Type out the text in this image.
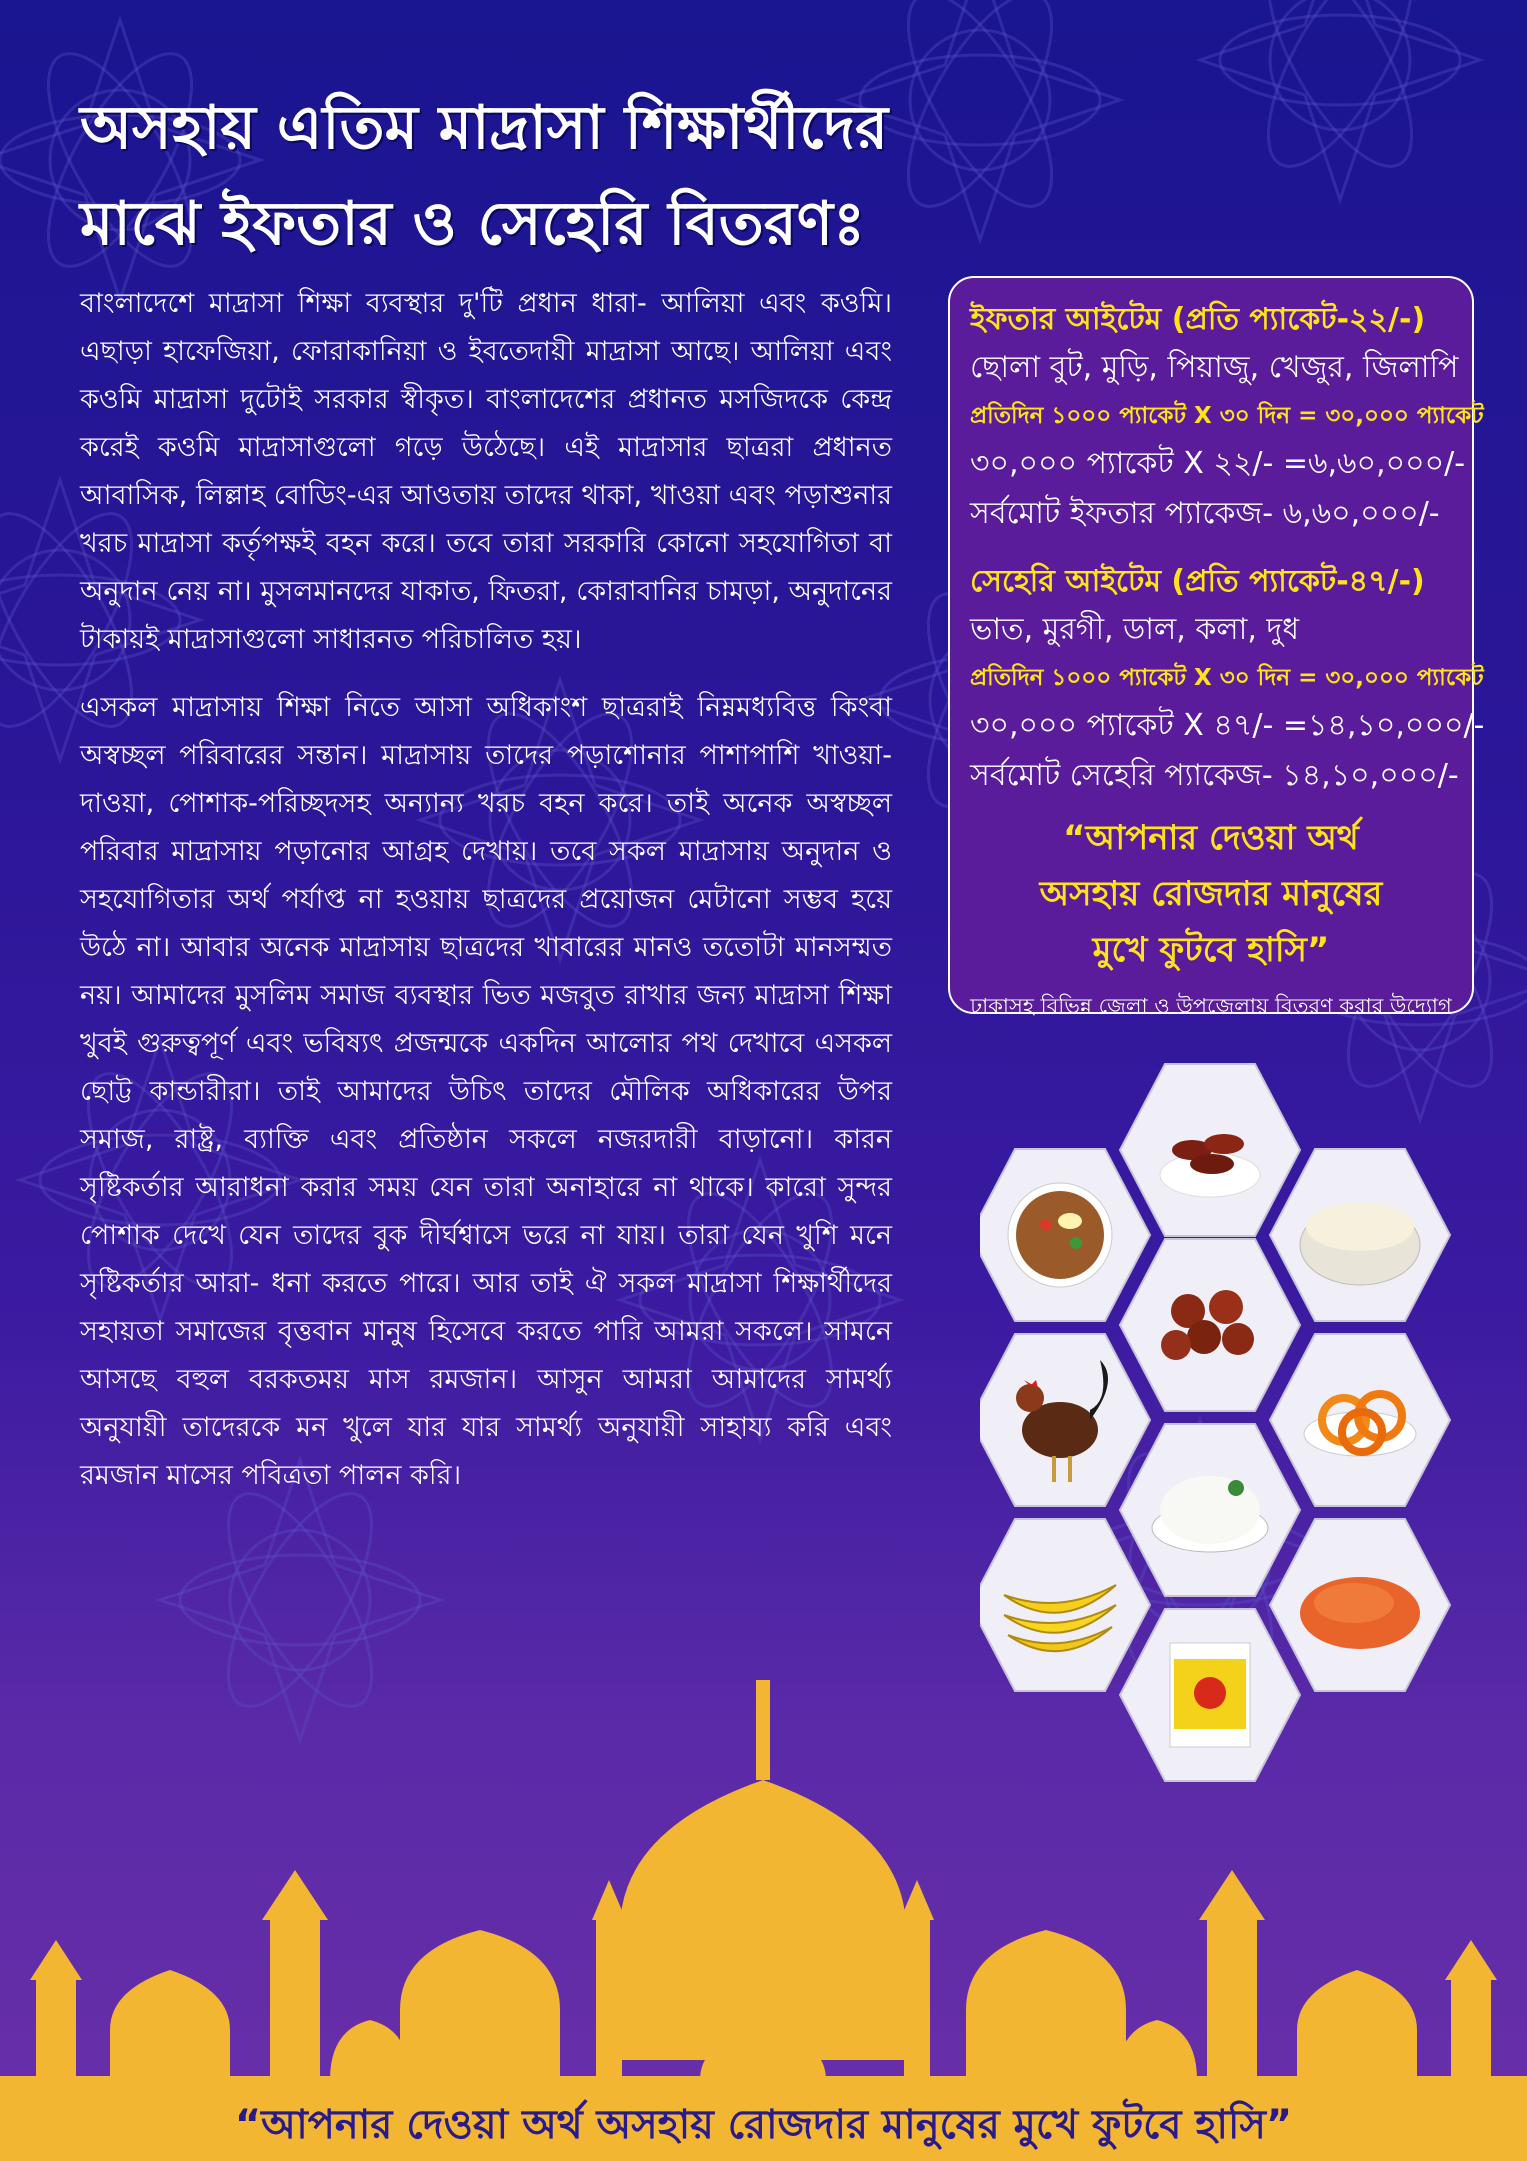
অসহায় এতিম মাদ্রাসা শিক্ষার্থীদের
মাঝে ইফতার ও সেহেরি বিতরণঃ

বাংলাদেশে মাদ্রাসা শিক্ষা ব্যবস্থার দু'টি প্রধান ধারা- আলিয়া এবং কওমি। এছাড়া হাফেজিয়া, ফোরাকানিয়া ও ইবতেদায়ী মাদ্রাসা আছে। আলিয়া এবং কওমি মাদ্রাসা দুটোই সরকার স্বীকৃত। বাংলাদেশের প্রধানত মসজিদকে কেন্দ্র করেই কওমি মাদ্রাসাগুলো গড়ে উঠেছে। এই মাদ্রাসার ছাত্ররা প্রধানত আবাসিক, লিল্লাহ বোডিং-এর আওতায় তাদের থাকা, খাওয়া এবং পড়াশুনার খরচ মাদ্রাসা কর্তৃপক্ষই বহন করে। তবে তারা সরকারি কোনো সহযোগিতা বা অনুদান নেয় না। মুসলমানদের যাকাত, ফিতরা, কোরাবানির চামড়া, অনুদানের টাকায়ই মাদ্রাসাগুলো সাধারনত পরিচালিত হয়।

এসকল মাদ্রাসায় শিক্ষা নিতে আসা অধিকাংশ ছাত্ররাই নিম্নমধ্যবিত্ত কিংবা অস্বচ্ছল পরিবারের সন্তান। মাদ্রাসায় তাদের পড়াশোনার পাশাপাশি খাওয়া-দাওয়া, পোশাক-পরিচ্ছদসহ অন্যান্য খরচ বহন করে। তাই অনেক অস্বচ্ছল পরিবার মাদ্রাসায় পড়ানোর আগ্রহ দেখায়। তবে সকল মাদ্রাসায় অনুদান ও সহযোগিতার অর্থ পর্যাপ্ত না হওয়ায় ছাত্রদের প্রয়োজন মেটানো সম্ভব হয়ে উঠে না। আবার অনেক মাদ্রাসায় ছাত্রদের খাবারের মানও ততোটা মানসম্মত নয়। আমাদের মুসলিম সমাজ ব্যবস্থার ভিত মজবুত রাখার জন্য মাদ্রাসা শিক্ষা খুবই গুরুত্বপূর্ণ এবং ভবিষ্যৎ প্রজন্মকে একদিন আলোর পথ দেখাবে এসকল ছোট্ট কান্ডারীরা। তাই আমাদের উচিৎ তাদের মৌলিক অধিকারের উপর সমাজ, রাষ্ট্র, ব্যাক্তি এবং প্রতিষ্ঠান সকলে নজরদারী বাড়ানো। কারন সৃষ্টিকর্তার আরাধনা করার সময় যেন তারা অনাহারে না থাকে। কারো সুন্দর পোশাক দেখে যেন তাদের বুক দীর্ঘশ্বাসে ভরে না যায়। তারা যেন খুশি মনে সৃষ্টিকর্তার আরা- ধনা করতে পারে। আর তাই ঐ সকল মাদ্রাসা শিক্ষার্থীদের সহায়তা সমাজের বৃত্তবান মানুষ হিসেবে করতে পারি আমরা সকলে। সামনে আসছে বহুল বরকতময় মাস রমজান। আসুন আমরা আমাদের সামর্থ্য অনুযায়ী তাদেরকে মন খুলে যার যার সামর্থ্য অনুযায়ী সাহায্য করি এবং রমজান মাসের পবিত্রতা পালন করি।

ইফতার আইটেম (প্রতি প্যাকেট-২২/-)
ছোলা বুট, মুড়ি, পিয়াজু, খেজুর, জিলাপি
প্রতিদিন ১০০০ প্যাকেট X ৩০ দিন = ৩০,০০০ প্যাকেট
৩০,০০০ প্যাকেট X ২২/- =৬,৬০,০০০/-
সর্বমোট ইফতার প্যাকেজ- ৬,৬০,০০০/-
সেহেরি আইটেম (প্রতি প্যাকেট-৪৭/-)
ভাত, মুরগী, ডাল, কলা, দুধ
প্রতিদিন ১০০০ প্যাকেট X ৩০ দিন = ৩০,০০০ প্যাকেট
৩০,০০০ প্যাকেট X ৪৭/- =১৪,১০,০০০/-
সর্বমোট সেহেরি প্যাকেজ- ১৪,১০,০০০/-
“আপনার দেওয়া অর্থ
অসহায় রোজদার মানুষের
মুখে ফুটবে হাসি”
ঢাকাসহ বিভিন্ন জেলা ও উপজেলায় বিতরণ করার উদ্যোগ
“আপনার দেওয়া অর্থ অসহায় রোজদার মানুষের মুখে ফুটবে হাসি”
